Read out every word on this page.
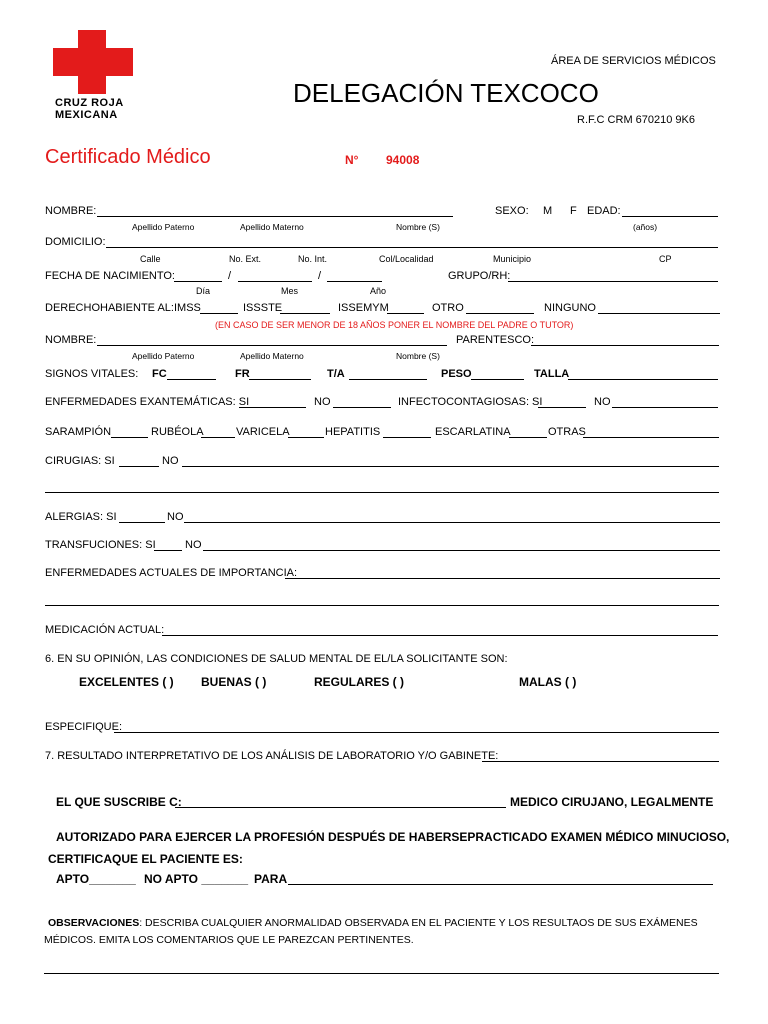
CRUZ ROJA
MEXICANA
ÁREA DE SERVICIOS MÉDICOS
DELEGACIÓN TEXCOCO
R.F.C CRM 670210 9K6
Certificado Médico	N° 94008
NOMBRE:	SEXO: M F EDAD:
Apellido Paterno	Apellido Materno	Nombre (S)	(años)
DOMICILIO:
Calle	No. Ext.	No. Int.	Col/Localidad	Municipio	CP
FECHA DE NACIMIENTO:	/	/	GRUPO/RH:
Día	Mes	Año
DERECHOHABIENTE AL: IMSS	ISSSTE	ISSEMYM	OTRO	NINGUNO
(EN CASO DE SER MENOR DE 18 AÑOS PONER EL NOMBRE DEL PADRE O TUTOR)
NOMBRE:	PARENTESCO:
Apellido Paterno	Apellido Materno	Nombre (S)
SIGNOS VITALES: FC	FR	T/A	PESO	TALLA
ENFERMEDADES EXANTEMÁTICAS: SI	NO	INFECTOCONTAGIOSAS: SI	NO
SARAMPIÓN	RUBÉOLA	VARICELA	HEPATITIS	ESCARLATINA	OTRAS
CIRUGIAS: SI	NO
ALERGIAS: SI	NO
TRANSFUCIONES: SI	NO
ENFERMEDADES ACTUALES DE IMPORTANCIA:
MEDICACIÓN ACTUAL:
6. EN SU OPINIÓN, LAS CONDICIONES DE SALUD MENTAL DE EL/LA SOLICITANTE SON:
EXCELENTES ( ) BUENAS ( )	REGULARES ( )	MALAS ( )
ESPECIFIQUE:
7. RESULTADO INTERPRETATIVO DE LOS ANÁLISIS DE LABORATORIO Y/O GABINETE:
EL QUE SUSCRIBE C:	MEDICO CIRUJANO, LEGALMENTE
AUTORIZADO PARA EJERCER LA PROFESIÓN DESPUÉS DE HABERSEPRACTICADO EXAMEN MÉDICO MINUCIOSO,
CERTIFICAQUE EL PACIENTE ES:
APTO_______ NO APTO _______ PARA
OBSERVACIONES: DESCRIBA CUALQUIER ANORMALIDAD OBSERVADA EN EL PACIENTE Y LOS RESULTAOS DE SUS EXÁMENES
MÉDICOS. EMITA LOS COMENTARIOS QUE LE PAREZCAN PERTINENTES.
